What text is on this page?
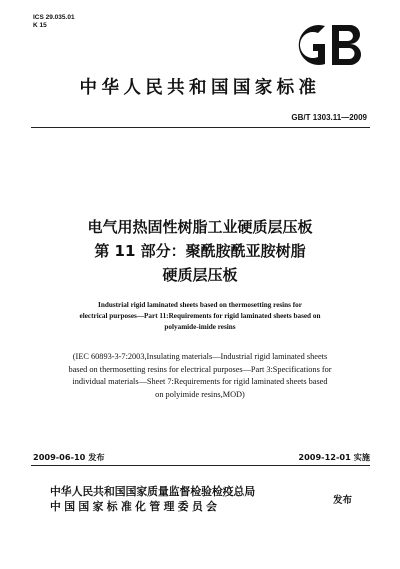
ICS 29.035.01
K 15
中华人民共和国国家标准
GB/T 1303.11—2009
电气用热固性树脂工业硬质层压板
第 11 部分：聚酰胺酰亚胺树脂
硬质层压板
Industrial rigid laminated sheets based on thermosetting resins for
electrical purposes—Part 11:Requirements for rigid laminated sheets based on
polyamide-imide resins
(IEC 60893-3-7:2003,Insulating materials—Industrial rigid laminated sheets
based on thermosetting resins for electrical purposes—Part 3:Specifications for
individual materials—Sheet 7:Requirements for rigid laminated sheets based
on polyimide resins,MOD)
2009-06-10 发布	2009-12-01 实施
中华人民共和国国家质量监督检验检疫总局
中国国家标准化管理委员会	发布
